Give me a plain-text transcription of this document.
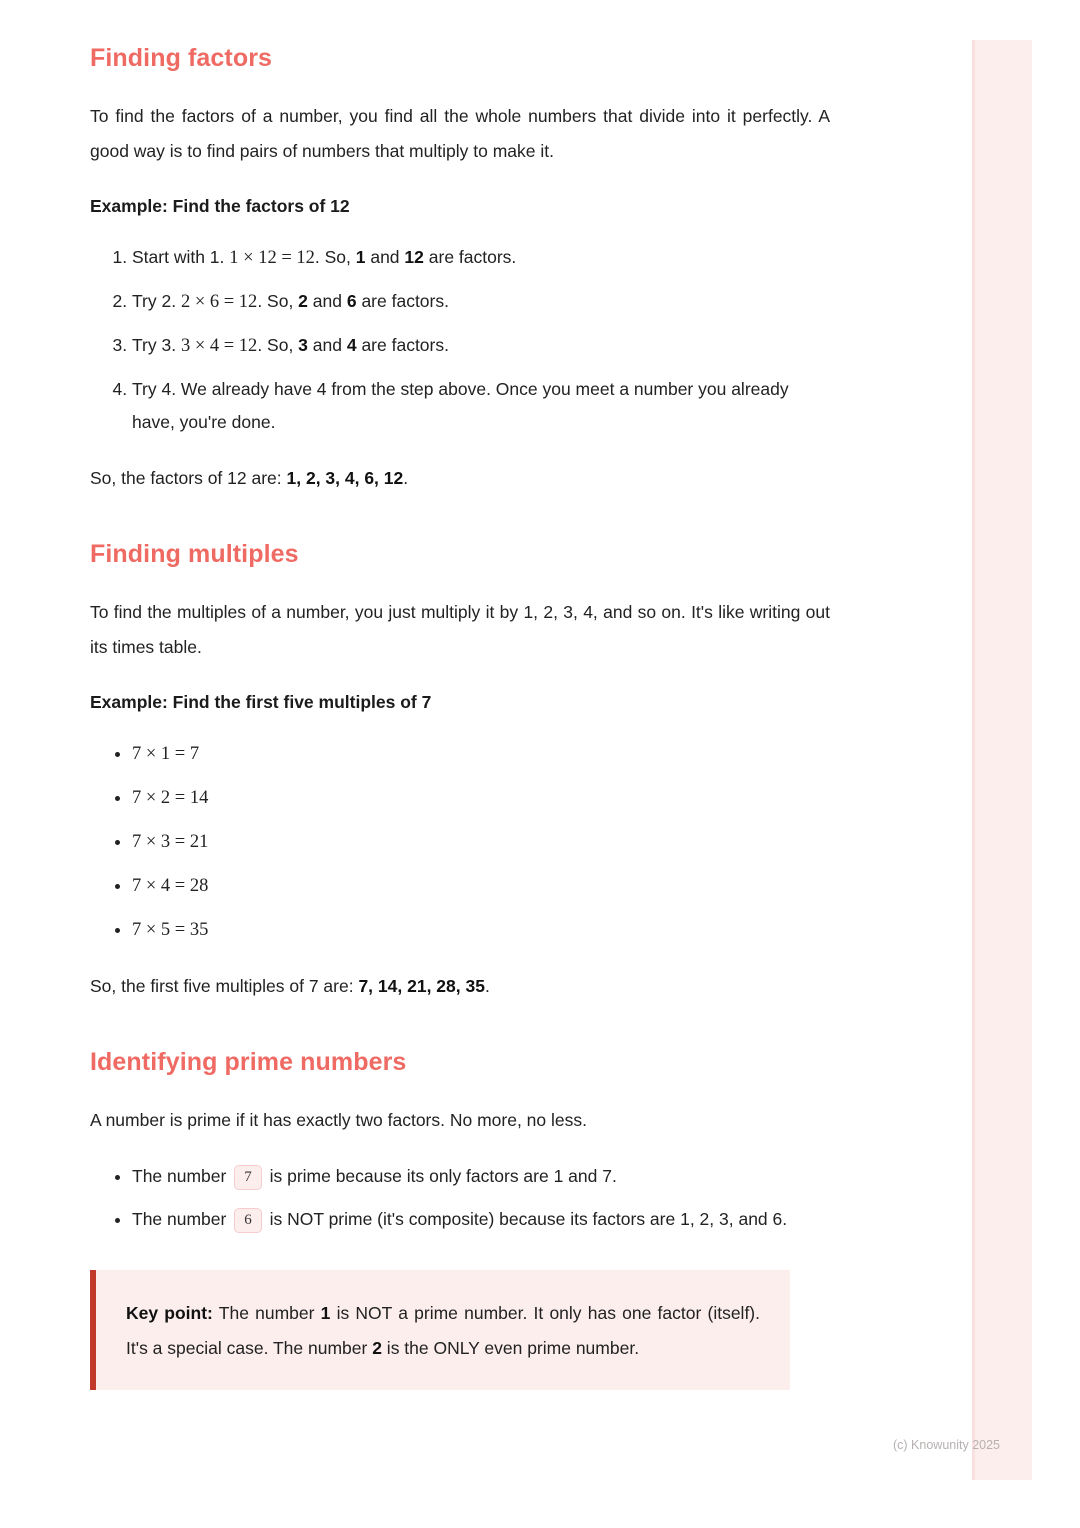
Finding factors

To find the factors of a number, you find all the whole numbers that divide into it perfectly. A good way is to find pairs of numbers that multiply to make it.

Example: Find the factors of 12

1. Start with 1. 1 × 12 = 12. So, 1 and 12 are factors.
2. Try 2. 2 × 6 = 12. So, 2 and 6 are factors.
3. Try 3. 3 × 4 = 12. So, 3 and 4 are factors.
4. Try 4. We already have 4 from the step above. Once you meet a number you already have, you're done.

So, the factors of 12 are: 1, 2, 3, 4, 6, 12.

Finding multiples

To find the multiples of a number, you just multiply it by 1, 2, 3, 4, and so on. It's like writing out its times table.

Example: Find the first five multiples of 7

• 7 × 1 = 7
• 7 × 2 = 14
• 7 × 3 = 21
• 7 × 4 = 28
• 7 × 5 = 35

So, the first five multiples of 7 are: 7, 14, 21, 28, 35.

Identifying prime numbers

A number is prime if it has exactly two factors. No more, no less.

• The number 7 is prime because its only factors are 1 and 7.
• The number 6 is NOT prime (it's composite) because its factors are 1, 2, 3, and 6.

Key point: The number 1 is NOT a prime number. It only has one factor (itself). It's a special case. The number 2 is the ONLY even prime number.

(c) Knowunity 2025
